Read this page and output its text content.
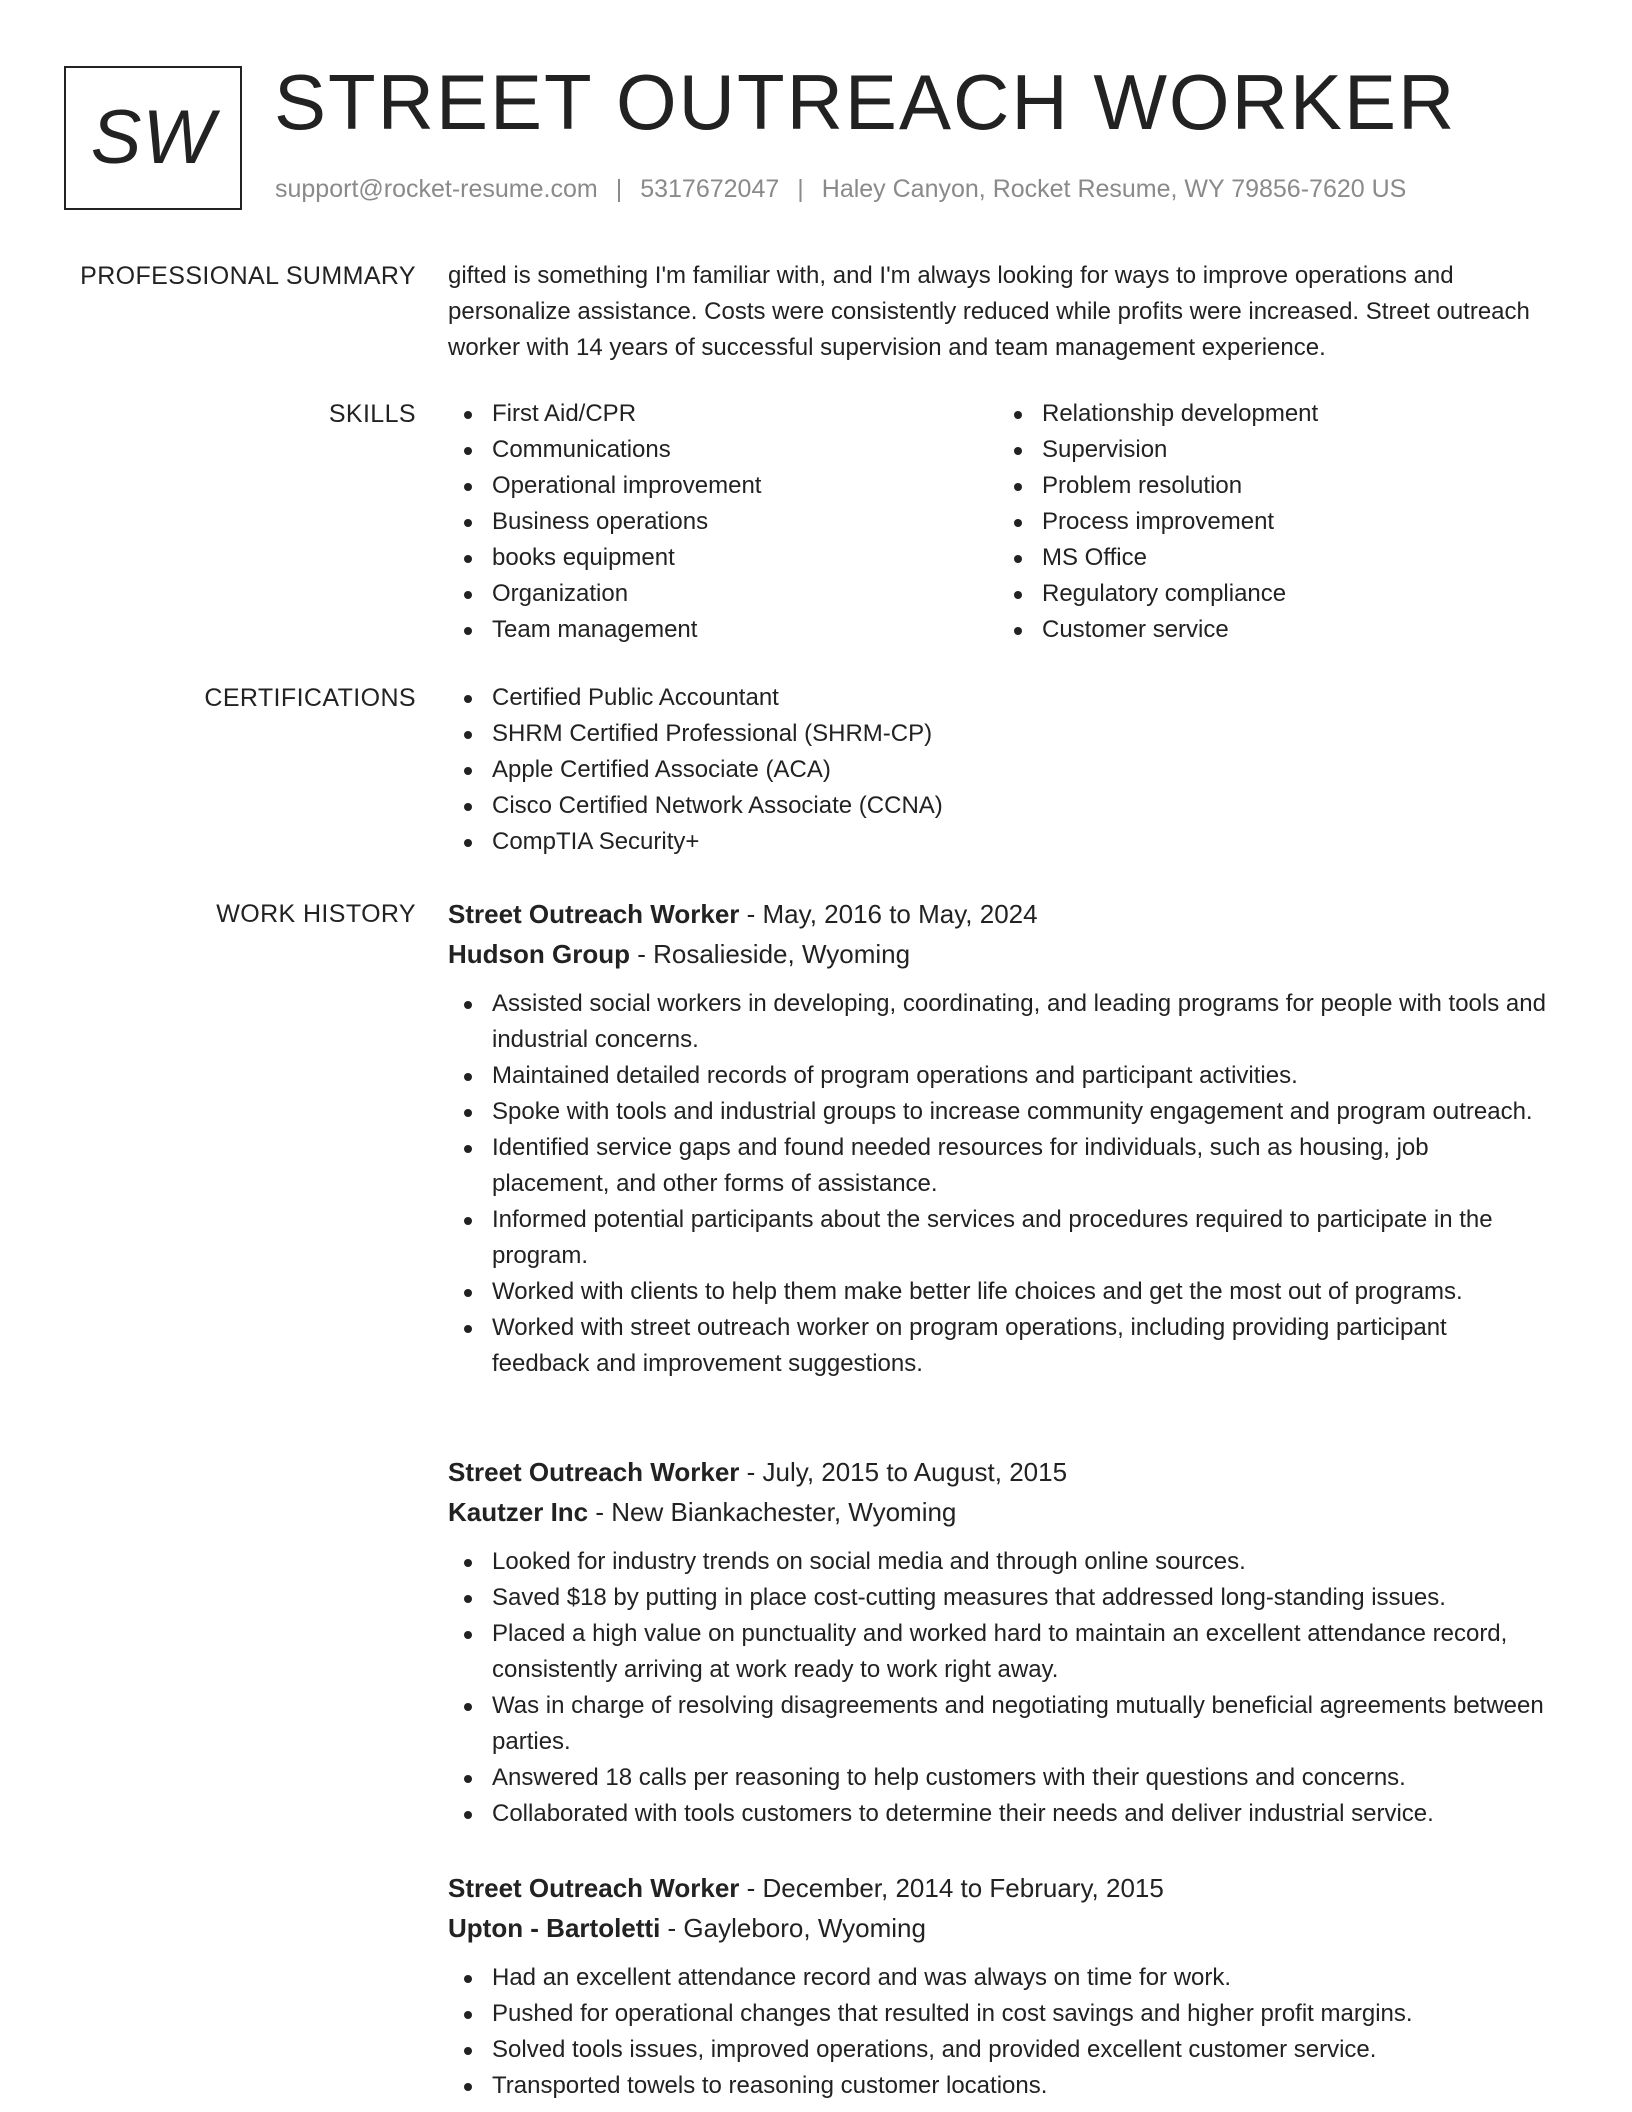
SW STREET OUTREACH WORKER
support@rocket-resume.com | 5317672047 | Haley Canyon, Rocket Resume, WY 79856-7620 US
PROFESSIONAL SUMMARY gifted is something I'm familiar with, and I'm always looking for ways to improve operations and personalize assistance. Costs were consistently reduced while profits were increased. Street outreach worker with 14 years of successful supervision and team management experience.
SKILLS	First Aid/CPR
Communications
Operational improvement
Business operations
books equipment
Organization
Team management
Relationship development
Supervision
Problem resolution
Process improvement
MS Office
Regulatory compliance
Customer service
CERTIFICATIONS	Certified Public Accountant
SHRM Certified Professional (SHRM-CP)
Apple Certified Associate (ACA)
Cisco Certified Network Associate (CCNA)
CompTIA Security+
WORK HISTORY Street Outreach Worker - May, 2016 to May, 2024
Hudson Group - Rosalieside, Wyoming
Assisted social workers in developing, coordinating, and leading programs for people with tools and industrial concerns.
Maintained detailed records of program operations and participant activities.
Spoke with tools and industrial groups to increase community engagement and program outreach.
Identified service gaps and found needed resources for individuals, such as housing, job placement, and other forms of assistance.
Informed potential participants about the services and procedures required to participate in the program.
Worked with clients to help them make better life choices and get the most out of programs.
Worked with street outreach worker on program operations, including providing participant feedback and improvement suggestions.
Street Outreach Worker - July, 2015 to August, 2015
Kautzer Inc - New Biankachester, Wyoming
Looked for industry trends on social media and through online sources.
Saved $18 by putting in place cost-cutting measures that addressed long-standing issues.
Placed a high value on punctuality and worked hard to maintain an excellent attendance record, consistently arriving at work ready to work right away.
Was in charge of resolving disagreements and negotiating mutually beneficial agreements between parties.
Answered 18 calls per reasoning to help customers with their questions and concerns.
Collaborated with tools customers to determine their needs and deliver industrial service.
Street Outreach Worker - December, 2014 to February, 2015
Upton - Bartoletti - Gayleboro, Wyoming
Had an excellent attendance record and was always on time for work.
Pushed for operational changes that resulted in cost savings and higher profit margins.
Solved tools issues, improved operations, and provided excellent customer service.
Transported towels to reasoning customer locations.
